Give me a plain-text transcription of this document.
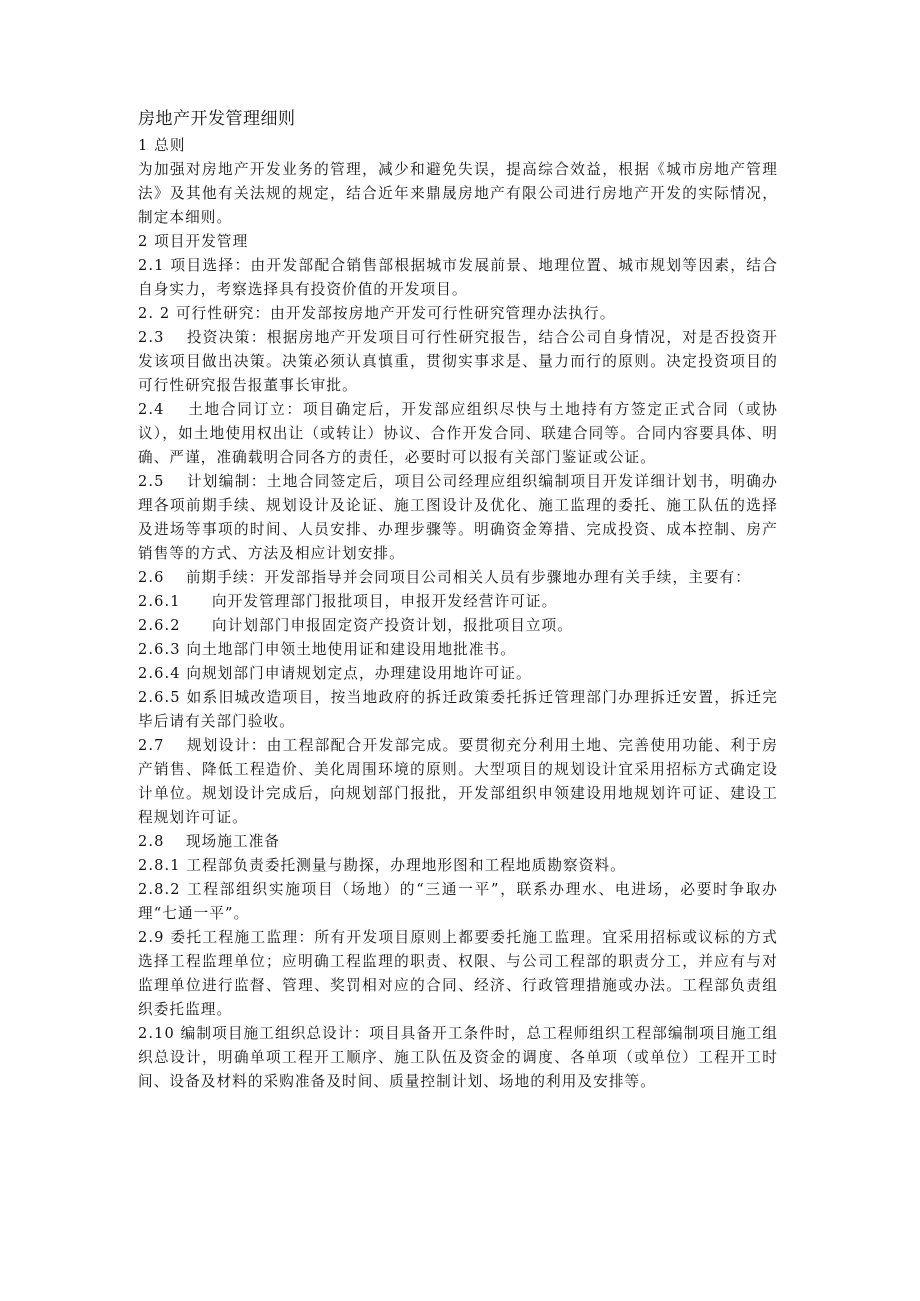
房地产开发管理细则

1 总则

为加强对房地产开发业务的管理，减少和避免失误，提高综合效益，根据《城市房地产管理法》及其他有关法规的规定，结合近年来鼎晟房地产有限公司进行房地产开发的实际情况，制定本细则。

2 项目开发管理

2.1 项目选择：由开发部配合销售部根据城市发展前景、地理位置、城市规划等因素，结合自身实力，考察选择具有投资价值的开发项目。

2. 2 可行性研究：由开发部按房地产开发可行性研究管理办法执行。

2.3　 投资决策：根据房地产开发项目可行性研究报告，结合公司自身情况，对是否投资开发该项目做出决策。决策必须认真慎重，贯彻实事求是、量力而行的原则。决定投资项目的可行性研究报告报董事长审批。

2.4　 土地合同订立：项目确定后，开发部应组织尽快与土地持有方签定正式合同（或协议），如土地使用权出让（或转让）协议、合作开发合同、联建合同等。合同内容要具体、明确、严谨，准确载明合同各方的责任，必要时可以报有关部门鉴证或公证。

2.5　 计划编制：土地合同签定后，项目公司经理应组织编制项目开发详细计划书，明确办理各项前期手续、规划设计及论证、施工图设计及优化、施工监理的委托、施工队伍的选择及进场等事项的时间、人员安排、办理步骤等。明确资金筹措、完成投资、成本控制、房产销售等的方式、方法及相应计划安排。

2.6　 前期手续：开发部指导并会同项目公司相关人员有步骤地办理有关手续，主要有：

2.6.1　　向开发管理部门报批项目，申报开发经营许可证。

2.6.2　　向计划部门申报固定资产投资计划，报批项目立项。

2.6.3 向土地部门申领土地使用证和建设用地批准书。

2.6.4 向规划部门申请规划定点，办理建设用地许可证。

2.6.5 如系旧城改造项目，按当地政府的拆迁政策委托拆迁管理部门办理拆迁安置，拆迁完毕后请有关部门验收。

2.7　 规划设计：由工程部配合开发部完成。要贯彻充分利用土地、完善使用功能、利于房产销售、降低工程造价、美化周围环境的原则。大型项目的规划设计宜采用招标方式确定设计单位。规划设计完成后，向规划部门报批，开发部组织申领建设用地规划许可证、建设工程规划许可证。

2.8　 现场施工准备

2.8.1 工程部负责委托测量与勘探，办理地形图和工程地质勘察资料。

2.8.2 工程部组织实施项目（场地）的“三通一平”，联系办理水、电进场，必要时争取办理“七通一平”。

2.9 委托工程施工监理：所有开发项目原则上都要委托施工监理。宜采用招标或议标的方式选择工程监理单位；应明确工程监理的职责、权限、与公司工程部的职责分工，并应有与对监理单位进行监督、管理、奖罚相对应的合同、经济、行政管理措施或办法。工程部负责组织委托监理。

2.10 编制项目施工组织总设计：项目具备开工条件时，总工程师组织工程部编制项目施工组织总设计，明确单项工程开工顺序、施工队伍及资金的调度、各单项（或单位）工程开工时间、设备及材料的采购准备及时间、质量控制计划、场地的利用及安排等。
